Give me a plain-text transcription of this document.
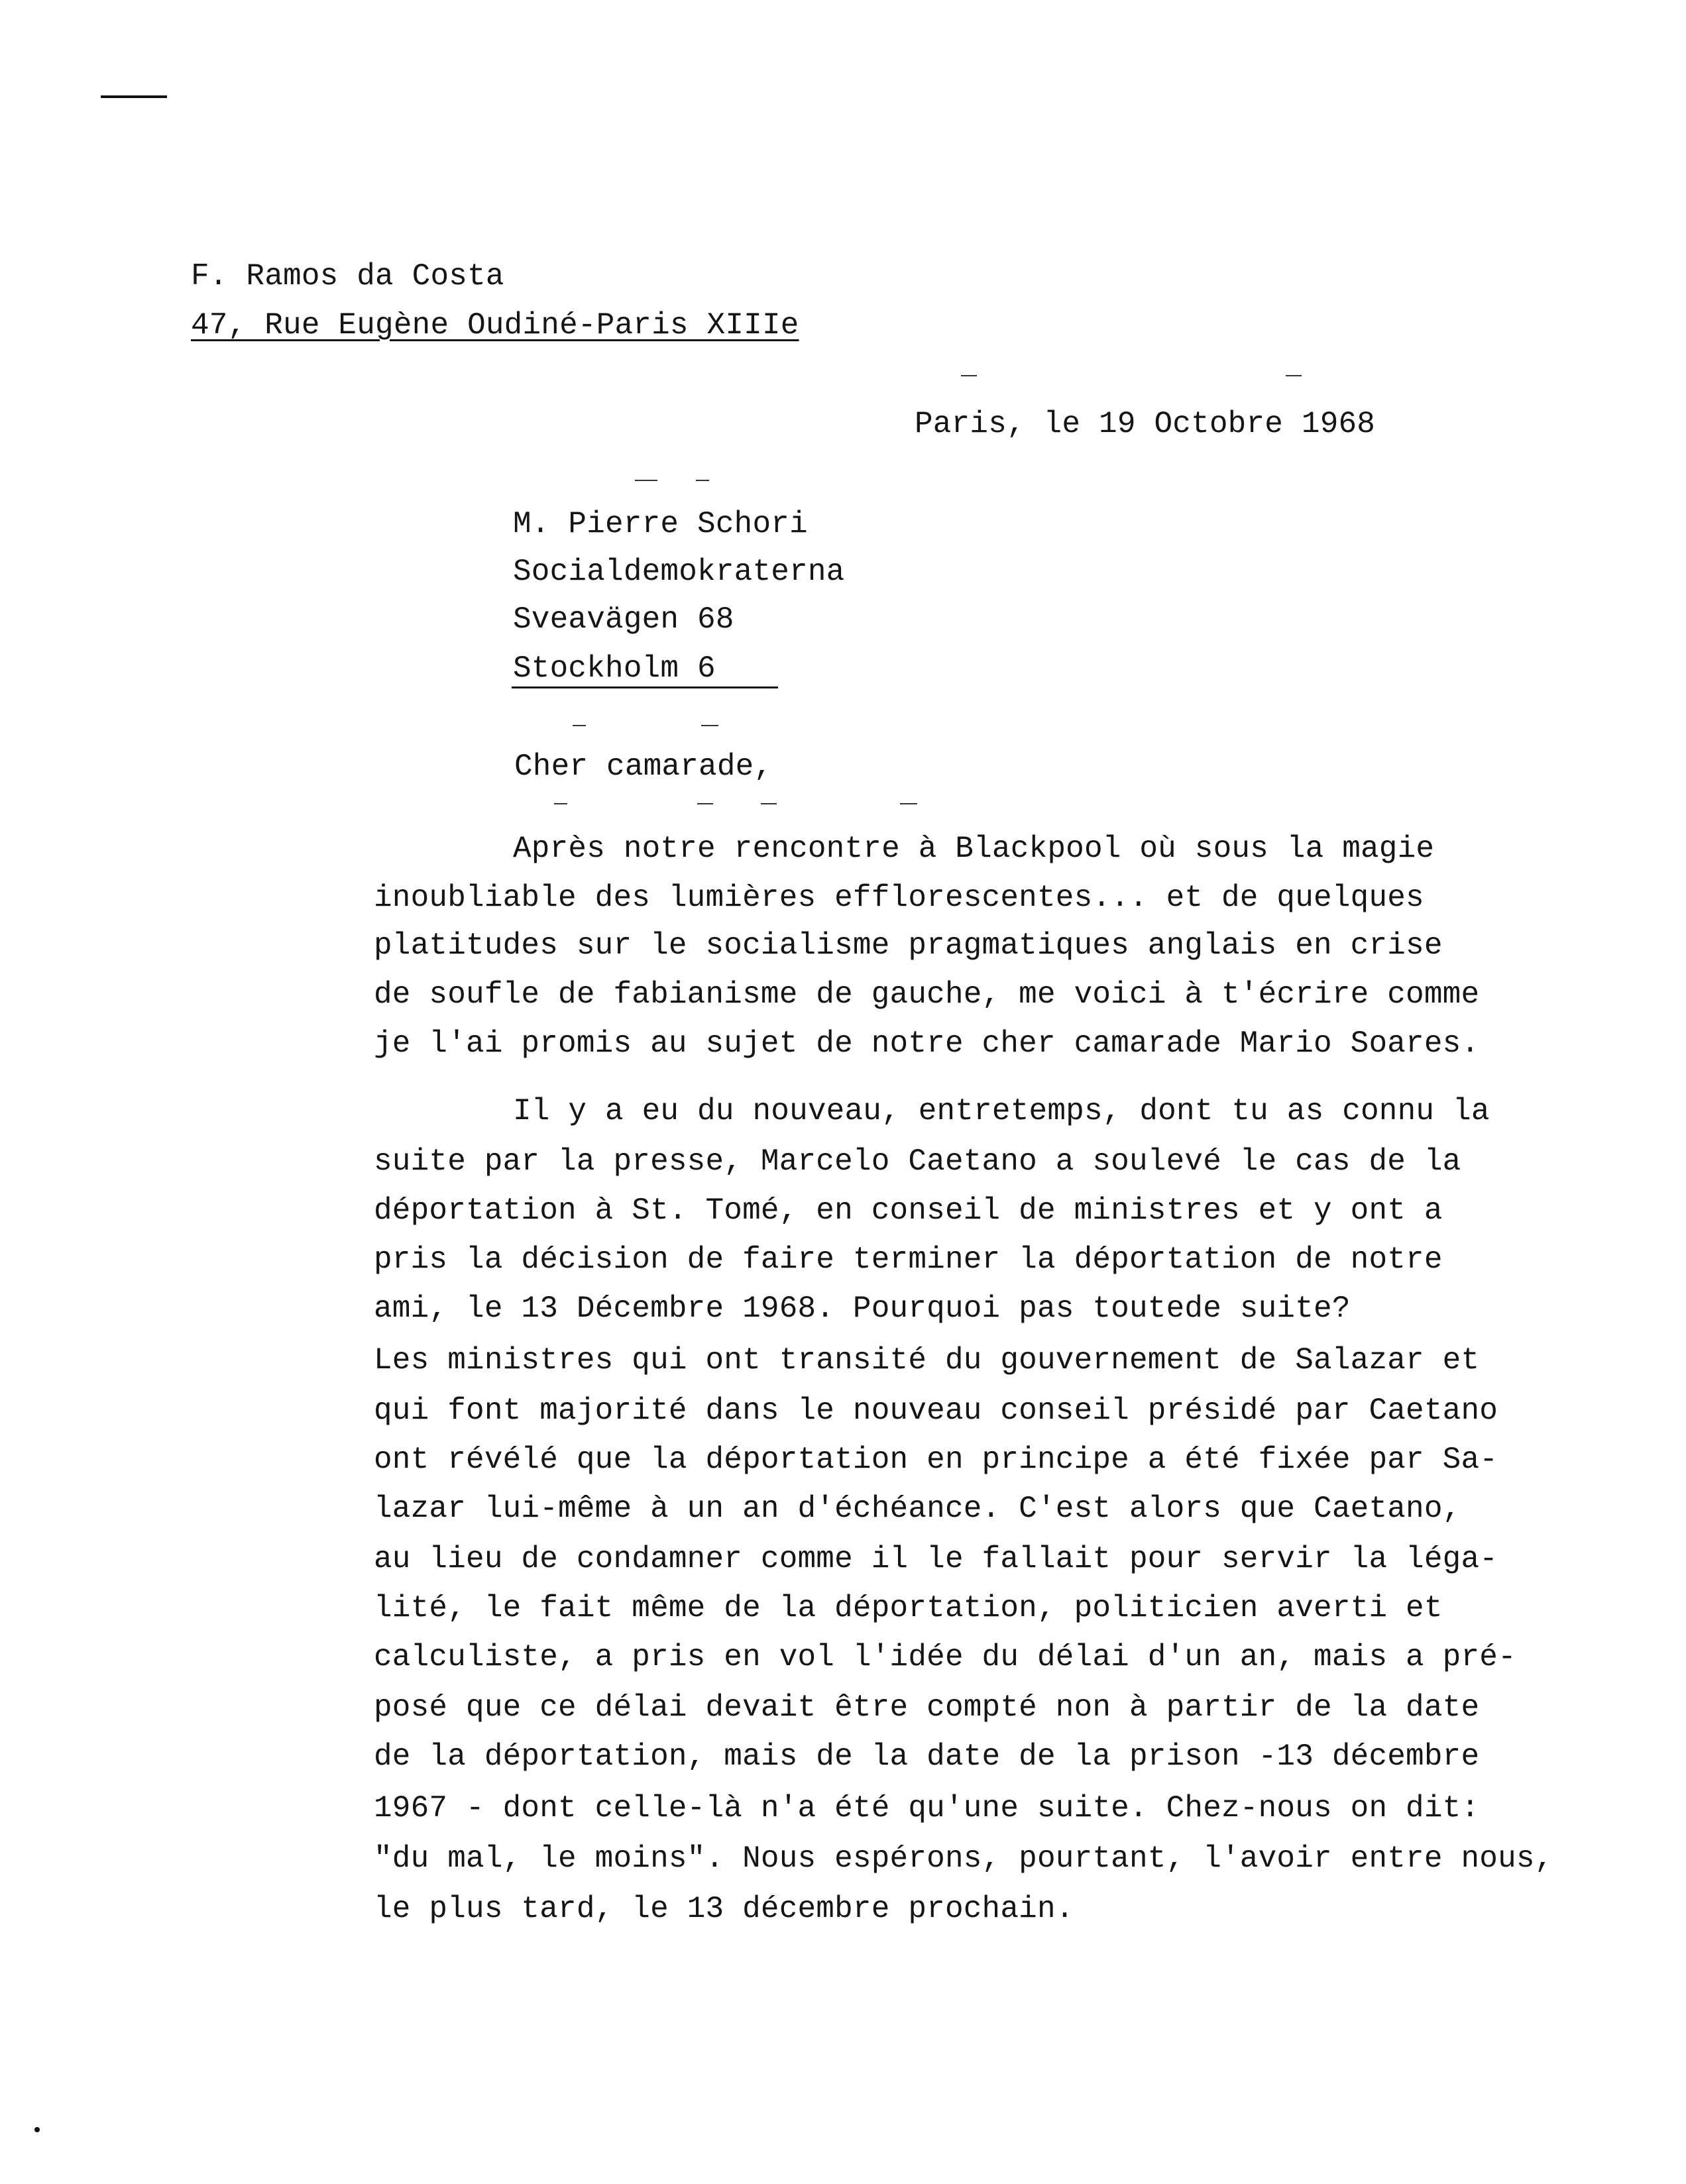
F. Ramos da Costa
47, Rue Eugène Oudiné-Paris XIIIe
Paris, le 19 Octobre 1968
M. Pierre Schori
Socialdemokraterna
Sveavägen 68
Stockholm 6
Cher camarade,
Après notre rencontre à Blackpool où sous la magie
inoubliable des lumières efflorescentes... et de quelques
platitudes sur le socialisme pragmatiques anglais en crise
de soufle de fabianisme de gauche, me voici à t'écrire comme
je l'ai promis au sujet de notre cher camarade Mario Soares.
Il y a eu du nouveau, entretemps, dont tu as connu la
suite par la presse, Marcelo Caetano a soulevé le cas de la
déportation à St. Tomé, en conseil de ministres et y ont a
pris la décision de faire terminer la déportation de notre
ami, le 13 Décembre 1968. Pourquoi pas toutede suite?
Les ministres qui ont transité du gouvernement de Salazar et
qui font majorité dans le nouveau conseil présidé par Caetano
ont révélé que la déportation en principe a été fixée par Sa-
lazar lui-même à un an d'échéance. C'est alors que Caetano,
au lieu de condamner comme il le fallait pour servir la léga-
lité, le fait même de la déportation, politicien averti et
calculiste, a pris en vol l'idée du délai d'un an, mais a pré-
posé que ce délai devait être compté non à partir de la date
de la déportation, mais de la date de la prison -13 décembre
1967 - dont celle-là n'a été qu'une suite. Chez-nous on dit:
"du mal, le moins". Nous espérons, pourtant, l'avoir entre nous,
le plus tard, le 13 décembre prochain.
